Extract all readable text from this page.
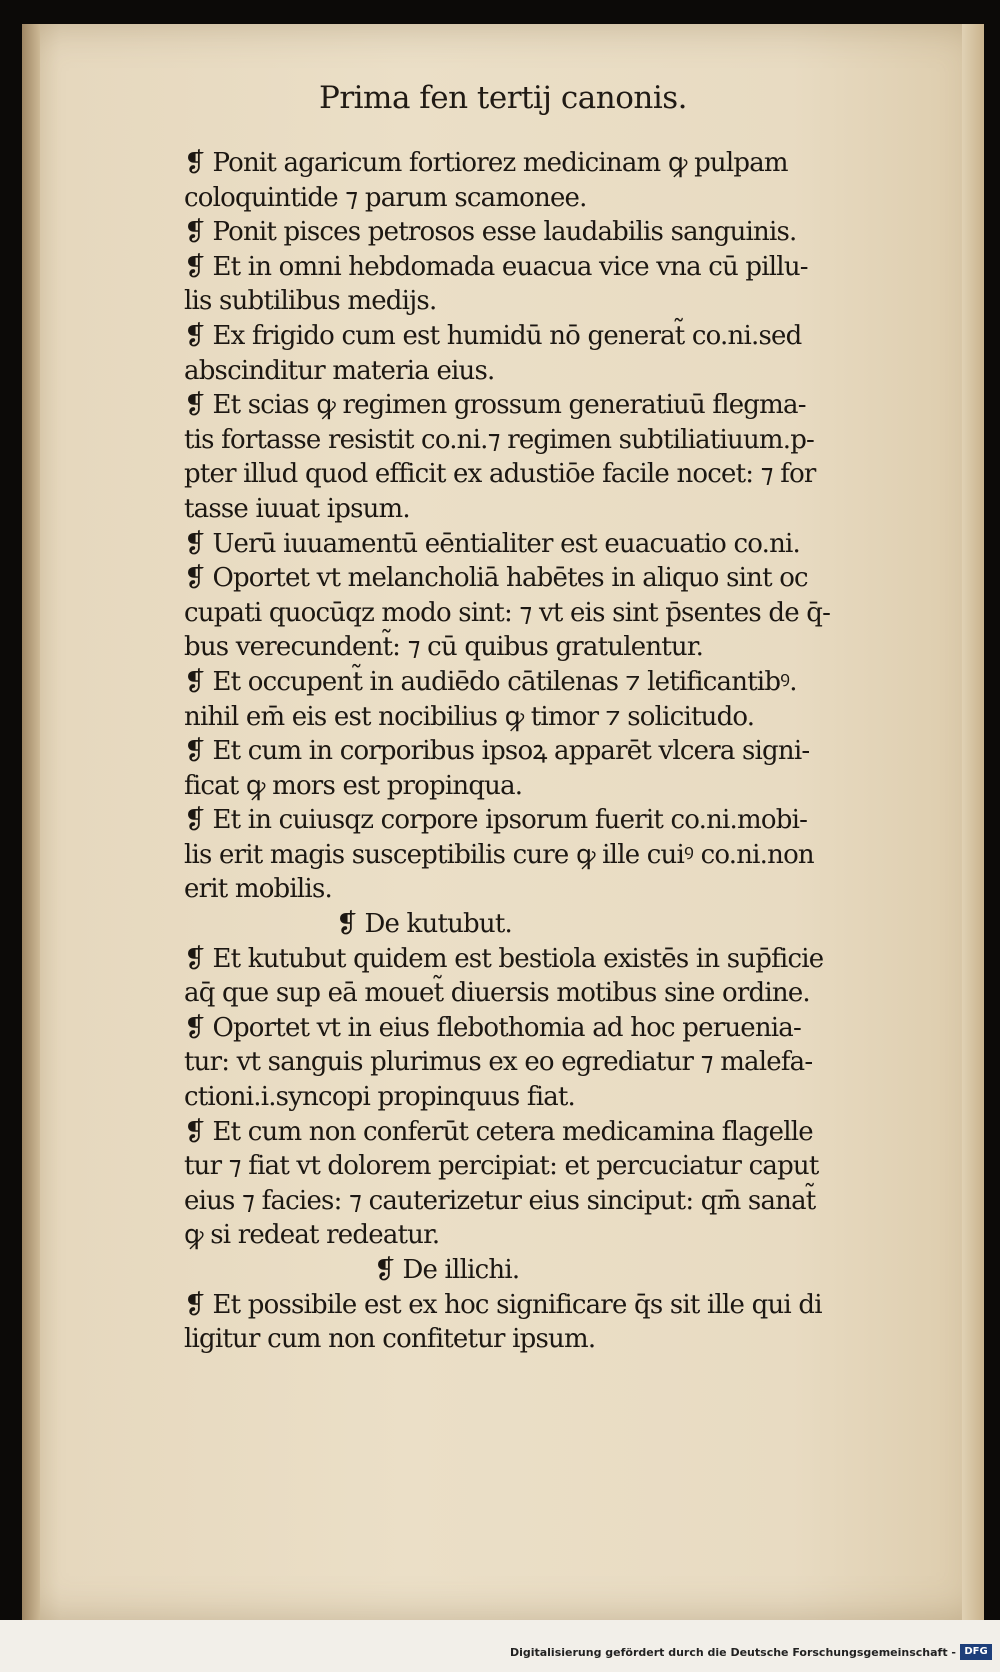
Prima fen tertij canonis.
❡ Ponit agaricum fortiorez medicinam ꝙ pulpam
coloquintide ⁊ parum scamonee.
❡ Ponit pisces petrosos esse laudabilis sanguinis.
❡ Et in omni hebdomada euacua vice vna cū pillu-
lis subtilibus medijs.
❡ Ex frigido cum est humidū nō generat̃ co.ni.sed
abscinditur materia eius.
❡ Et scias ꝙ regimen grossum generatiuū flegma-
tis fortasse resistit co.ni.⁊ regimen subtiliatiuum.p-
pter illud quod efficit ex adustiōe facile nocet: ⁊ for
tasse iuuat ipsum.
❡ Uerū iuuamentū eēntialiter est euacuatio co.ni.
❡ Oportet vt melancholiā habētes in aliquo sint oc
cupati quocūqz modo sint: ⁊ vt eis sint p̄sentes de q̄-
bus verecundent̃: ⁊ cū quibus gratulentur.
❡ Et occupent̃ in audiēdo cātilenas ⁊ letificantibꝰ.
nihil em̄ eis est nocibilius ꝙ timor ⁊ solicitudo.
❡ Et cum in corporibus ipsoꝝ apparēt vlcera signi-
ficat ꝙ mors est propinqua.
❡ Et in cuiusqz corpore ipsorum fuerit co.ni.mobi-
lis erit magis susceptibilis cure ꝙ ille cuiꝰ co.ni.non
erit mobilis.
❡ De kutubut.
❡ Et kutubut quidem est bestiola existēs in sup̄ficie
aq̄ que sup eā mouet̃ diuersis motibus sine ordine.
❡ Oportet vt in eius flebothomia ad hoc peruenia-
tur: vt sanguis plurimus ex eo egrediatur ⁊ malefa-
ctioni.i.syncopi propinquus fiat.
❡ Et cum non conferūt cetera medicamina flagelle
tur ⁊ fiat vt dolorem percipiat: et percuciatur caput
eius ⁊ facies: ⁊ cauterizetur eius sinciput: qm̄ sanat̃
ꝙ si redeat redeatur.
❡ De illichi.
❡ Et possibile est ex hoc significare q̄s sit ille qui di
ligitur cum non confitetur ipsum.
Digitalisierung gefördert durch die Deutsche Forschungsgemeinschaft - DFG
